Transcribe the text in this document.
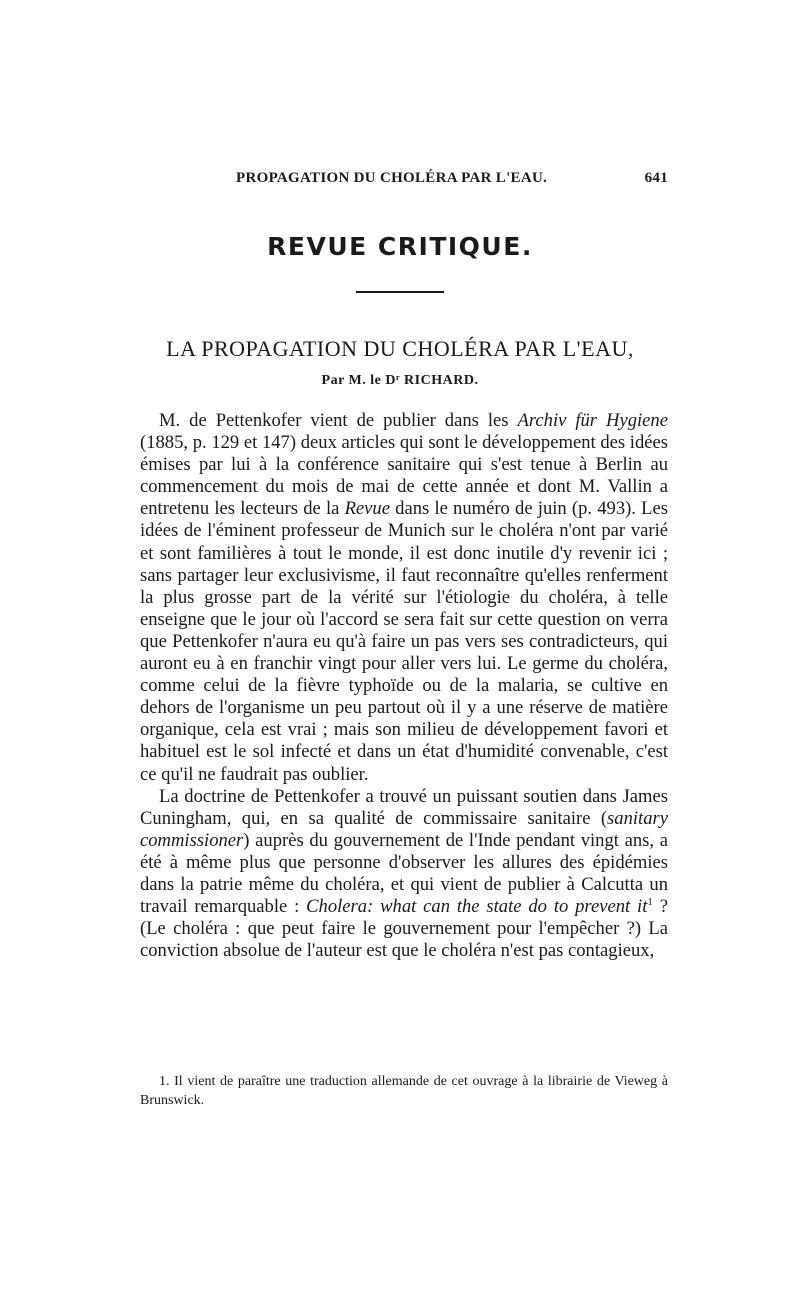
PROPAGATION DU CHOLÉRA PAR L'EAU.	641
REVUE CRITIQUE.
LA PROPAGATION DU CHOLÉRA PAR L'EAU,
Par M. le Dʳ RICHARD.

M. de Pettenkofer vient de publier dans les Archiv für Hygiene (1885, p. 129 et 147) deux articles qui sont le développement des idées émises par lui à la conférence sanitaire qui s'est tenue à Berlin au commencement du mois de mai de cette année et dont M. Vallin a entretenu les lecteurs de la Revue dans le numéro de juin (p. 493). Les idées de l'éminent professeur de Munich sur le choléra n'ont par varié et sont familières à tout le monde, il est donc inutile d'y revenir ici ; sans partager leur exclusivisme, il faut reconnaître qu'elles renferment la plus grosse part de la vérité sur l'étiologie du choléra, à telle enseigne que le jour où l'accord se sera fait sur cette question on verra que Pettenkofer n'aura eu qu'à faire un pas vers ses contradicteurs, qui auront eu à en franchir vingt pour aller vers lui. Le germe du choléra, comme celui de la fièvre typhoïde ou de la malaria, se cultive en dehors de l'organisme un peu partout où il y a une réserve de matière organique, cela est vrai ; mais son milieu de développement favori et habituel est le sol infecté et dans un état d'humidité convenable, c'est ce qu'il ne faudrait pas oublier.

La doctrine de Pettenkofer a trouvé un puissant soutien dans James Cuningham, qui, en sa qualité de commissaire sanitaire (sanitary commissioner) auprès du gouvernement de l'Inde pendant vingt ans, a été à même plus que personne d'observer les allures des épidémies dans la patrie même du choléra, et qui vient de publier à Calcutta un travail remarquable : Cholera: what can the state do to prevent it$^1$ ? (Le choléra : que peut faire le gouvernement pour l'empêcher ?) La conviction absolue de l'auteur est que le choléra n'est pas contagieux,

1. Il vient de paraître une traduction allemande de cet ouvrage à la librairie de Vieweg à Brunswick.
